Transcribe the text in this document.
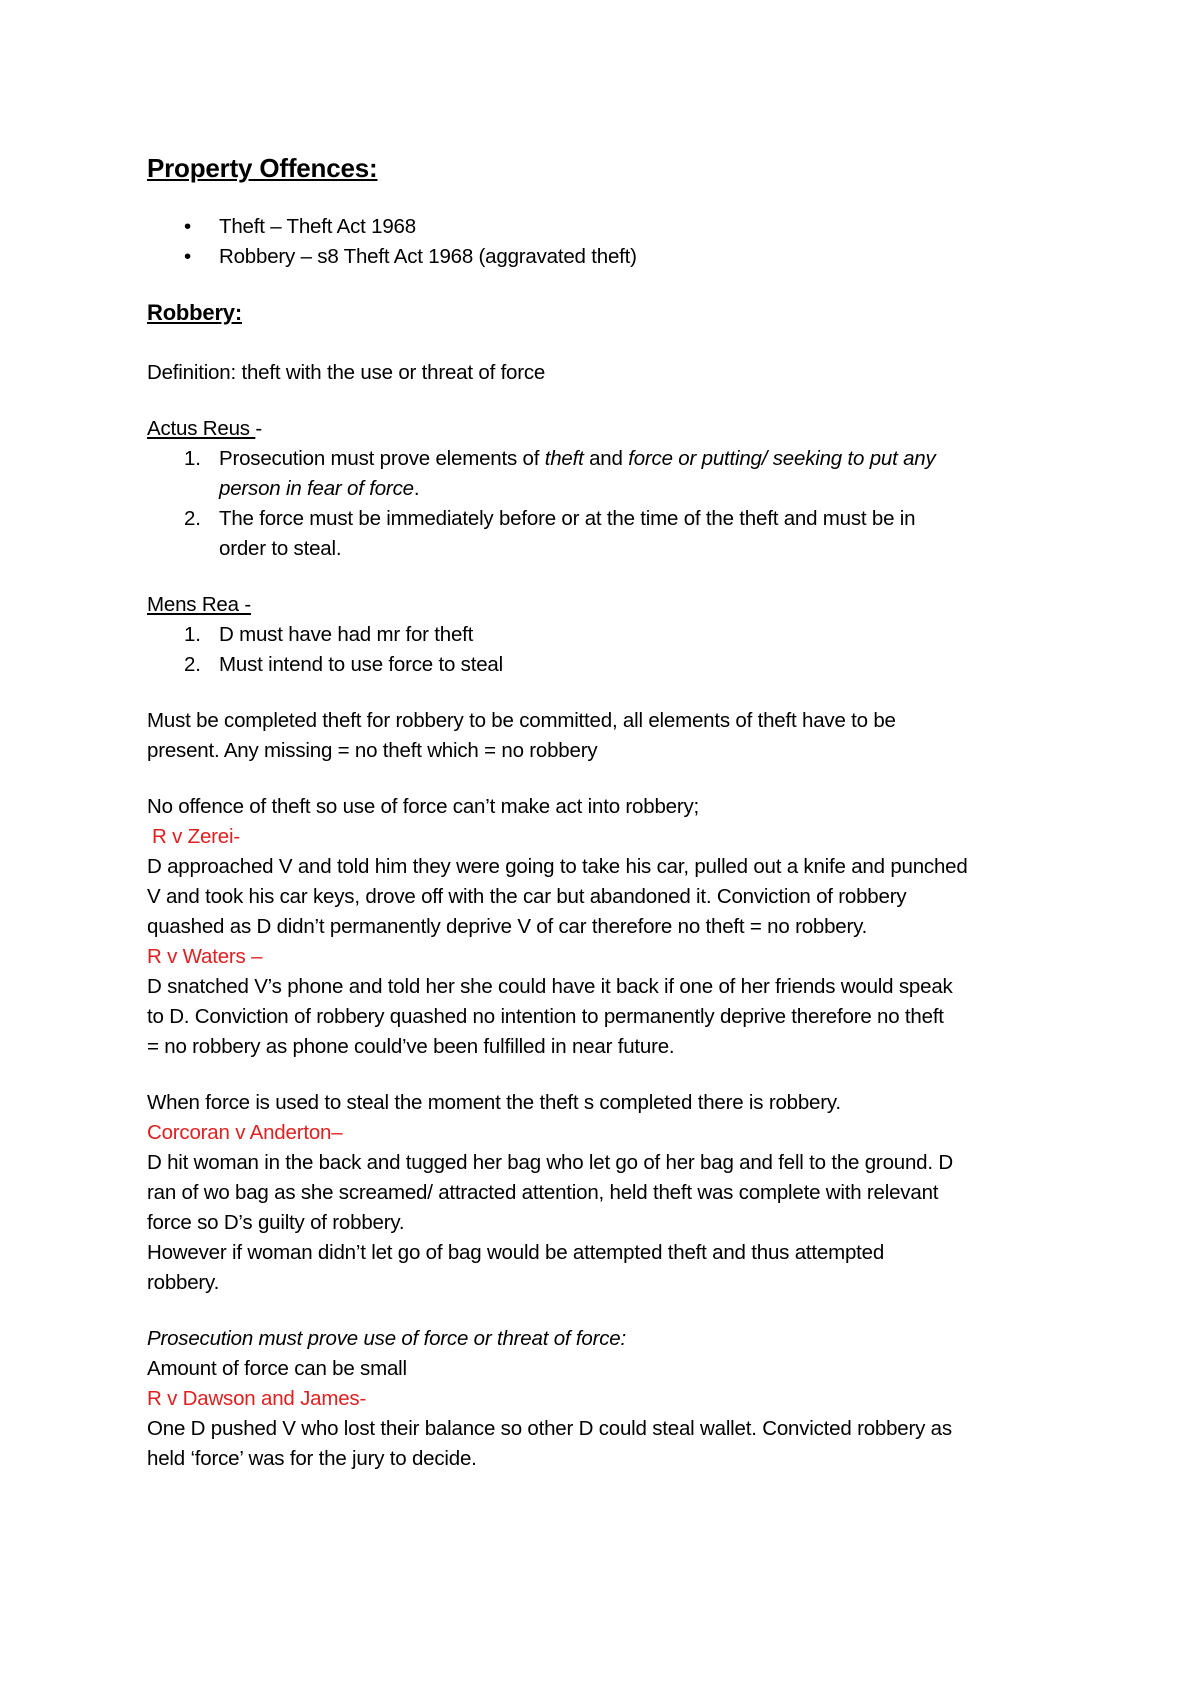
Property Offences:
• Theft – Theft Act 1968
• Robbery – s8 Theft Act 1968 (aggravated theft)
Robbery:
Definition: theft with the use or threat of force
Actus Reus -
1. Prosecution must prove elements of theft and force or putting/ seeking to put any
person in fear of force.
2. The force must be immediately before or at the time of the theft and must be in
order to steal.
Mens Rea -
1. D must have had mr for theft
2. Must intend to use force to steal
Must be completed theft for robbery to be committed, all elements of theft have to be
present. Any missing = no theft which = no robbery
No offence of theft so use of force can’t make act into robbery;
R v Zerei-
D approached V and told him they were going to take his car, pulled out a knife and punched
V and took his car keys, drove off with the car but abandoned it. Conviction of robbery
quashed as D didn’t permanently deprive V of car therefore no theft = no robbery.
R v Waters –
D snatched V’s phone and told her she could have it back if one of her friends would speak
to D. Conviction of robbery quashed no intention to permanently deprive therefore no theft
= no robbery as phone could’ve been fulfilled in near future.
When force is used to steal the moment the theft s completed there is robbery.
Corcoran v Anderton–
D hit woman in the back and tugged her bag who let go of her bag and fell to the ground. D
ran of wo bag as she screamed/ attracted attention, held theft was complete with relevant
force so D’s guilty of robbery.
However if woman didn’t let go of bag would be attempted theft and thus attempted
robbery.
Prosecution must prove use of force or threat of force:
Amount of force can be small
R v Dawson and James-
One D pushed V who lost their balance so other D could steal wallet. Convicted robbery as
held ‘force’ was for the jury to decide.
